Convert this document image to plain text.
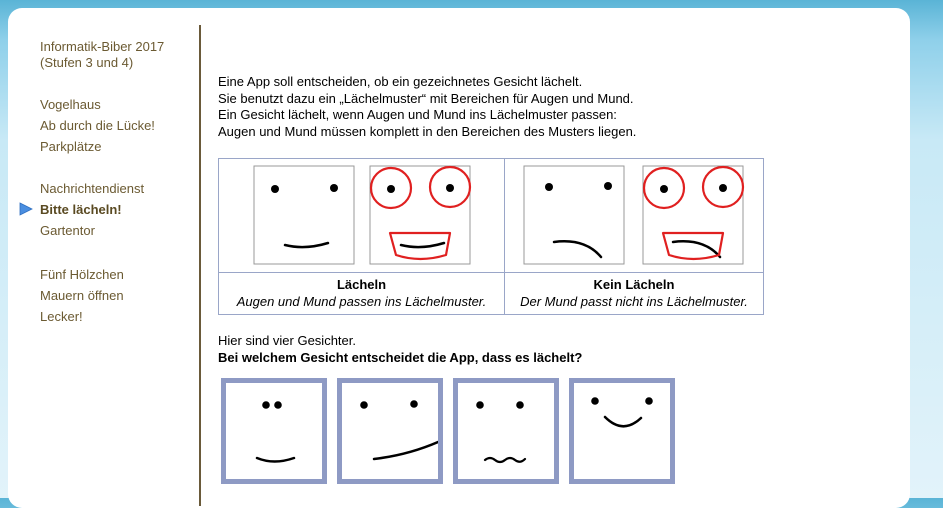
Informatik-Biber 2017
(Stufen 3 und 4)
Vogelhaus
Ab durch die Lücke!
Parkplätze
Nachrichtendienst
Bitte lächeln!
Gartentor
Fünf Hölzchen
Mauern öffnen
Lecker!
Eine App soll entscheiden, ob ein gezeichnetes Gesicht lächelt.
Sie benutzt dazu ein „Lächelmuster“ mit Bereichen für Augen und Mund.
Ein Gesicht lächelt, wenn Augen und Mund ins Lächelmuster passen:
Augen und Mund müssen komplett in den Bereichen des Musters liegen.
Lächeln
Augen und Mund passen ins Lächelmuster.
Kein Lächeln
Der Mund passt nicht ins Lächelmuster.
Hier sind vier Gesichter.
Bei welchem Gesicht entscheidet die App, dass es lächelt?
